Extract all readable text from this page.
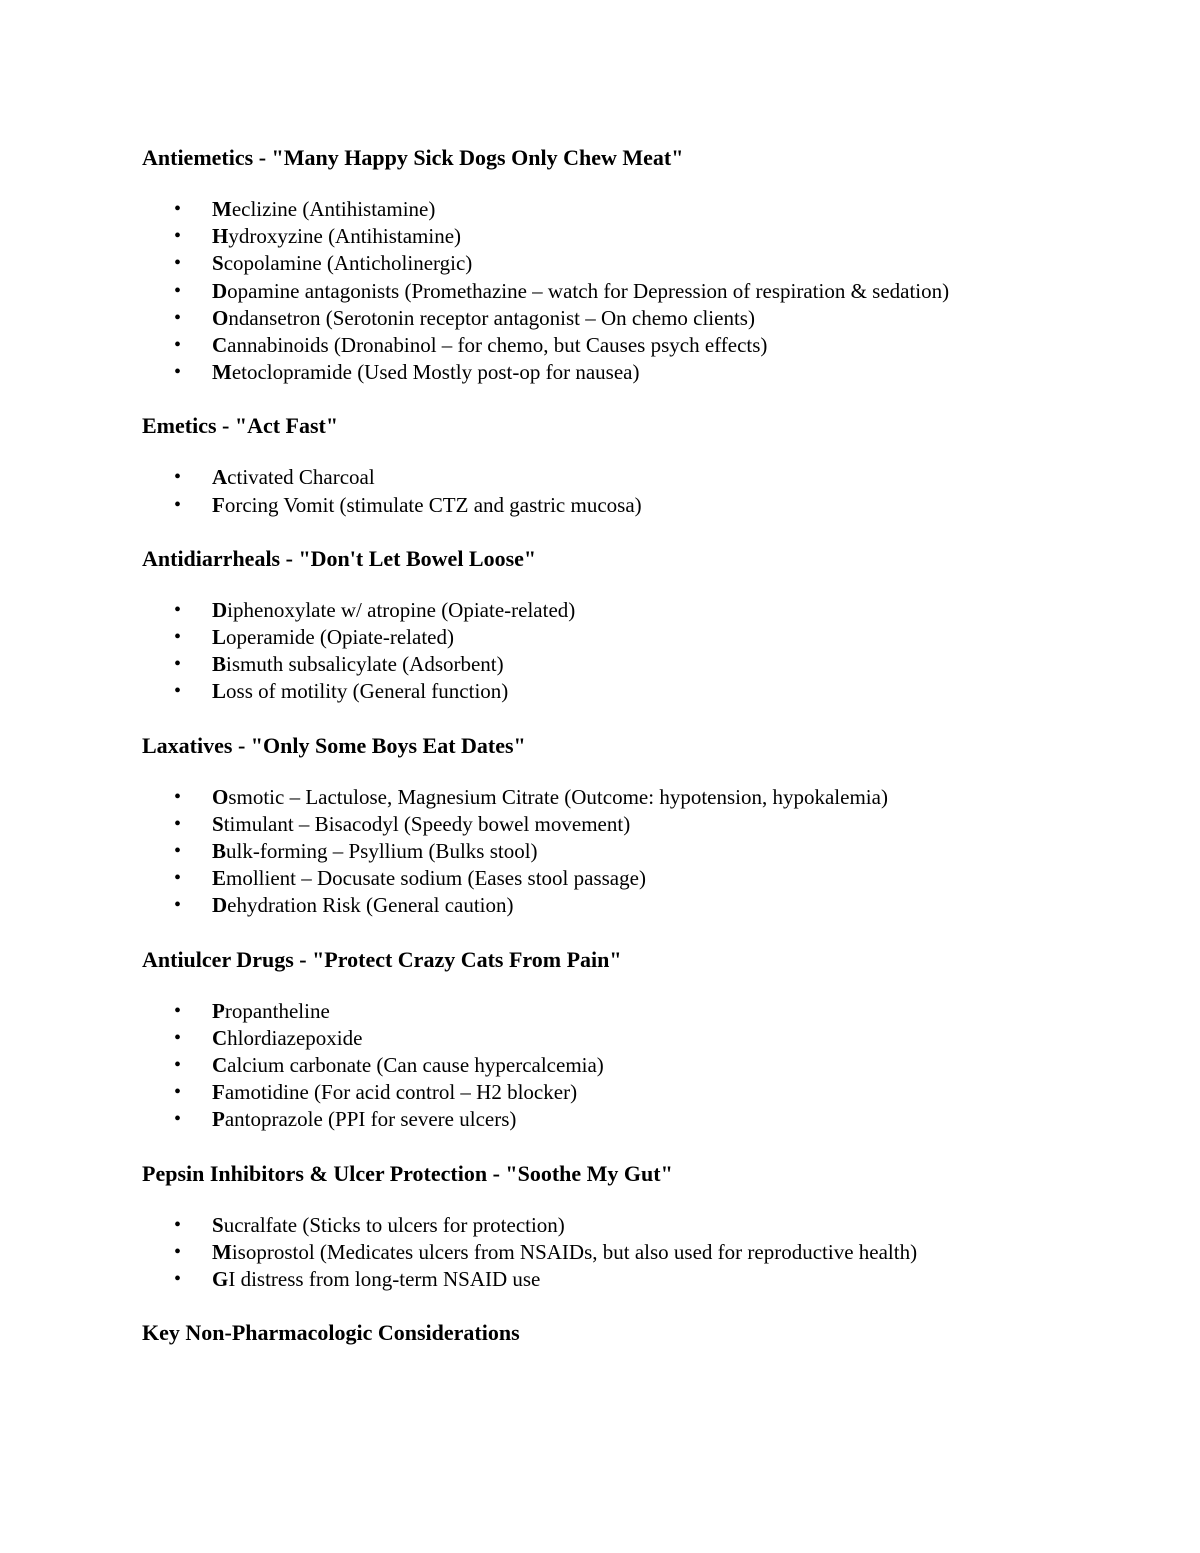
Antiemetics - "Many Happy Sick Dogs Only Chew Meat"
• Meclizine (Antihistamine)
• Hydroxyzine (Antihistamine)
• Scopolamine (Anticholinergic)
• Dopamine antagonists (Promethazine – watch for Depression of respiration & sedation)
• Ondansetron (Serotonin receptor antagonist – On chemo clients)
• Cannabinoids (Dronabinol – for chemo, but Causes psych effects)
• Metoclopramide (Used Mostly post-op for nausea)
Emetics - "Act Fast"
• Activated Charcoal
• Forcing Vomit (stimulate CTZ and gastric mucosa)
Antidiarrheals - "Don't Let Bowel Loose"
• Diphenoxylate w/ atropine (Opiate-related)
• Loperamide (Opiate-related)
• Bismuth subsalicylate (Adsorbent)
• Loss of motility (General function)
Laxatives - "Only Some Boys Eat Dates"
• Osmotic – Lactulose, Magnesium Citrate (Outcome: hypotension, hypokalemia)
• Stimulant – Bisacodyl (Speedy bowel movement)
• Bulk-forming – Psyllium (Bulks stool)
• Emollient – Docusate sodium (Eases stool passage)
• Dehydration Risk (General caution)
Antiulcer Drugs - "Protect Crazy Cats From Pain"
• Propantheline
• Chlordiazepoxide
• Calcium carbonate (Can cause hypercalcemia)
• Famotidine (For acid control – H2 blocker)
• Pantoprazole (PPI for severe ulcers)
Pepsin Inhibitors & Ulcer Protection - "Soothe My Gut"
• Sucralfate (Sticks to ulcers for protection)
• Misoprostol (Medicates ulcers from NSAIDs, but also used for reproductive health)
• GI distress from long-term NSAID use
Key Non-Pharmacologic Considerations
